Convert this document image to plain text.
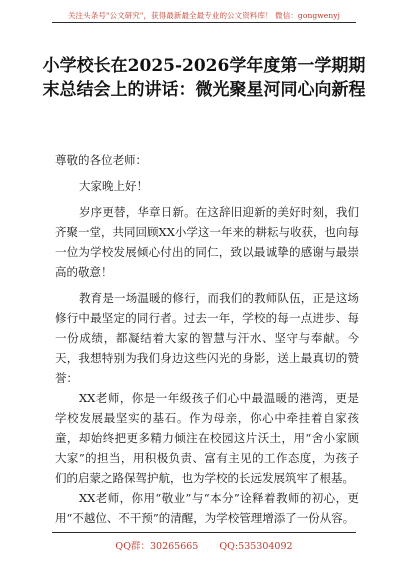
关注头条号"公文研究"，获得最新最全最专业的公文资料库！ 微信：gongwenyj
小学校长在2025-2026学年度第一学期期末总结会上的讲话：微光聚星河同心向新程

尊敬的各位老师：

大家晚上好！

岁序更替，华章日新。在这辞旧迎新的美好时刻，我们齐聚一堂，共同回顾XX小学这一年来的耕耘与收获，也向每一位为学校发展倾心付出的同仁，致以最诚挚的感谢与最崇高的敬意！

教育是一场温暖的修行，而我们的教师队伍，正是这场修行中最坚定的同行者。过去一年，学校的每一点进步、每一份成绩，都凝结着大家的智慧与汗水、坚守与奉献。今天，我想特别为我们身边这些闪光的身影，送上最真切的赞誉：

XX老师，你是一年级孩子们心中最温暖的港湾，更是学校发展最坚实的基石。作为母亲，你心中牵挂着自家孩童，却始终把更多精力倾注在校园这片沃土，用“舍小家顾大家”的担当，用积极负责、富有主见的工作态度，为孩子们的启蒙之路保驾护航，也为学校的长远发展筑牢了根基。

XX老师，你用“敬业”与“本分”诠释着教师的初心，更用“不越位、不干预”的清醒，为学校管理增添了一份从容。

QQ群：30265665 QQ:535304092
